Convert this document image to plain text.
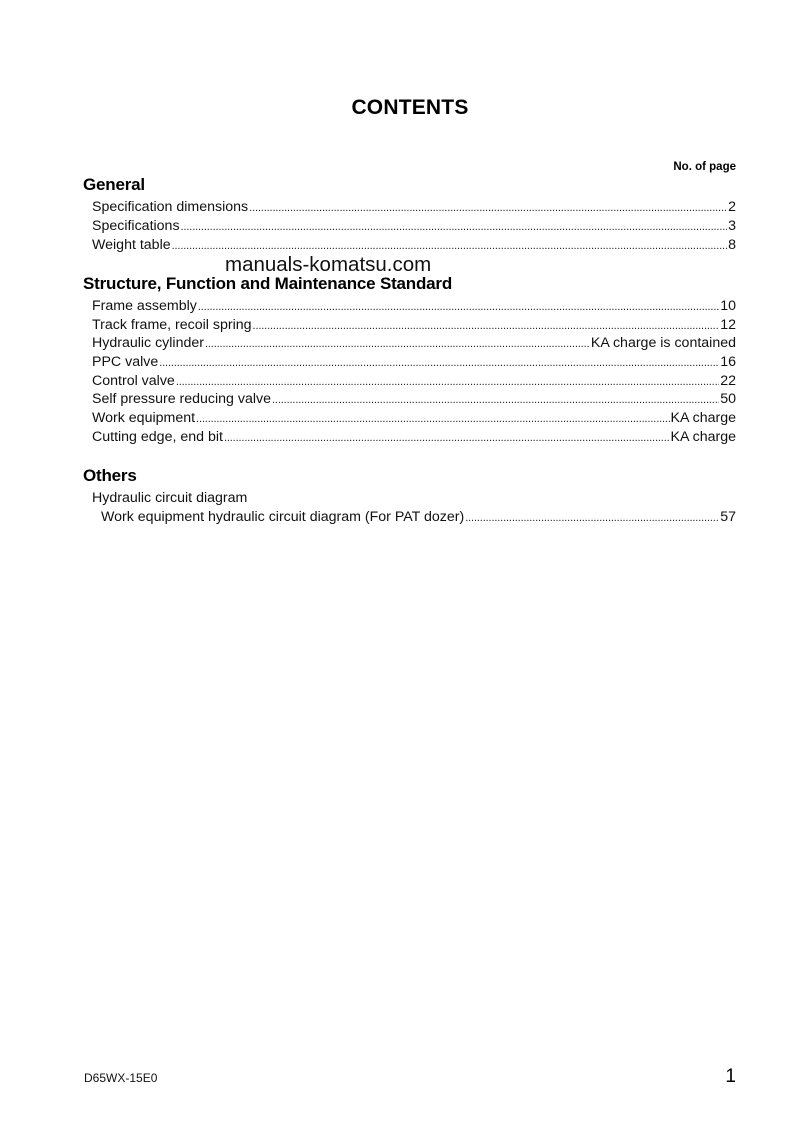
CONTENTS
No. of page
General
Specification dimensions . . .	2
Specifications . . .	3
Weight table . . .	8
manuals-komatsu.com
Structure, Function and Maintenance Standard
Frame assembly . . .	10
Track frame, recoil spring . . .	12
Hydraulic cylinder . . .	KA charge is contained
PPC valve . . .	16
Control valve . . .	22
Self pressure reducing valve . . .	50
Work equipment . . .	KA charge
Cutting edge, end bit . . .	KA charge
Others
Hydraulic circuit diagram
Work equipment hydraulic circuit diagram (For PAT dozer) . . .	57
D65WX-15E0	1
